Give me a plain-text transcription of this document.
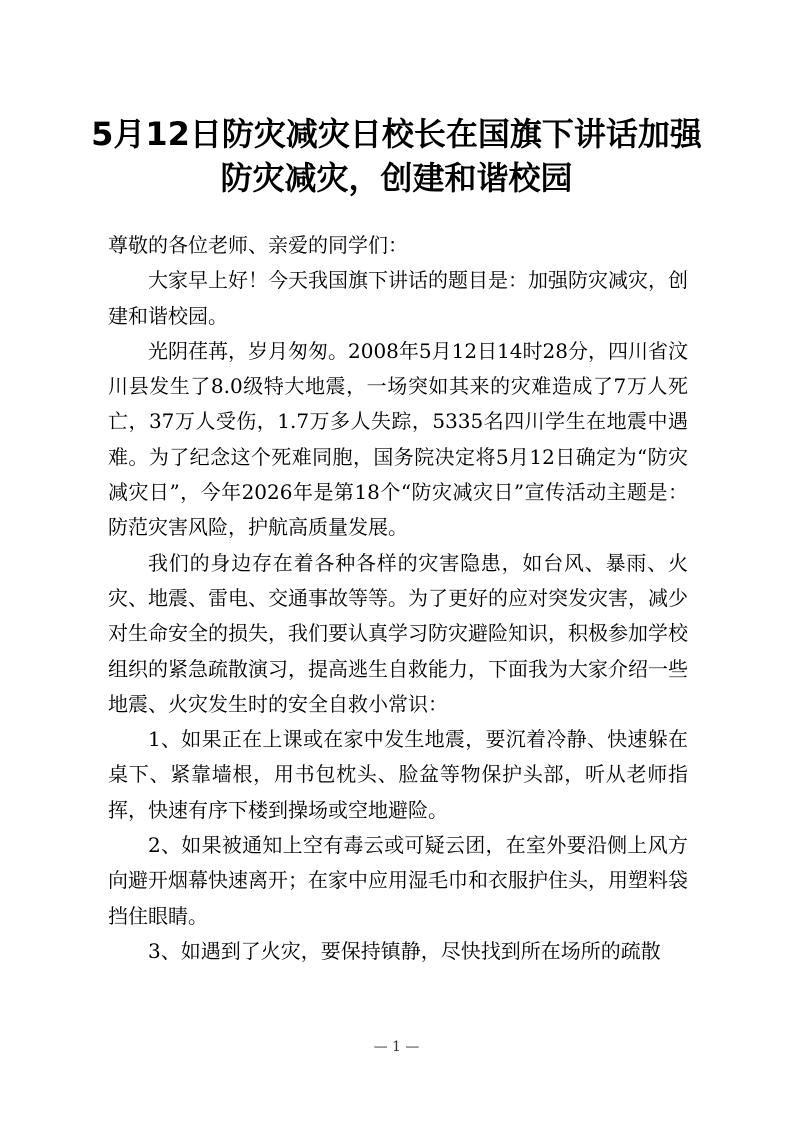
5月12日防灾减灾日校长在国旗下讲话加强防灾减灾，创建和谐校园

尊敬的各位老师、亲爱的同学们：

大家早上好！今天我国旗下讲话的题目是：加强防灾减灾，创建和谐校园。

光阴荏苒，岁月匆匆。2008年5月12日14时28分，四川省汶川县发生了8.0级特大地震，一场突如其来的灾难造成了7万人死亡，37万人受伤，1.7万多人失踪，5335名四川学生在地震中遇难。为了纪念这个死难同胞，国务院决定将5月12日确定为“防灾减灾日”，今年2026年是第18个“防灾减灾日”宣传活动主题是：防范灾害风险，护航高质量发展。

我们的身边存在着各种各样的灾害隐患，如台风、暴雨、火灾、地震、雷电、交通事故等等。为了更好的应对突发灾害，减少对生命安全的损失，我们要认真学习防灾避险知识，积极参加学校组织的紧急疏散演习，提高逃生自救能力，下面我为大家介绍一些地震、火灾发生时的安全自救小常识：

1、如果正在上课或在家中发生地震，要沉着冷静、快速躲在桌下、紧靠墙根，用书包枕头、脸盆等物保护头部，听从老师指挥，快速有序下楼到操场或空地避险。

2、如果被通知上空有毒云或可疑云团，在室外要沿侧上风方向避开烟幕快速离开；在家中应用湿毛巾和衣服护住头，用塑料袋挡住眼睛。

3、如遇到了火灾，要保持镇静，尽快找到所在场所的疏散

— 1 —
